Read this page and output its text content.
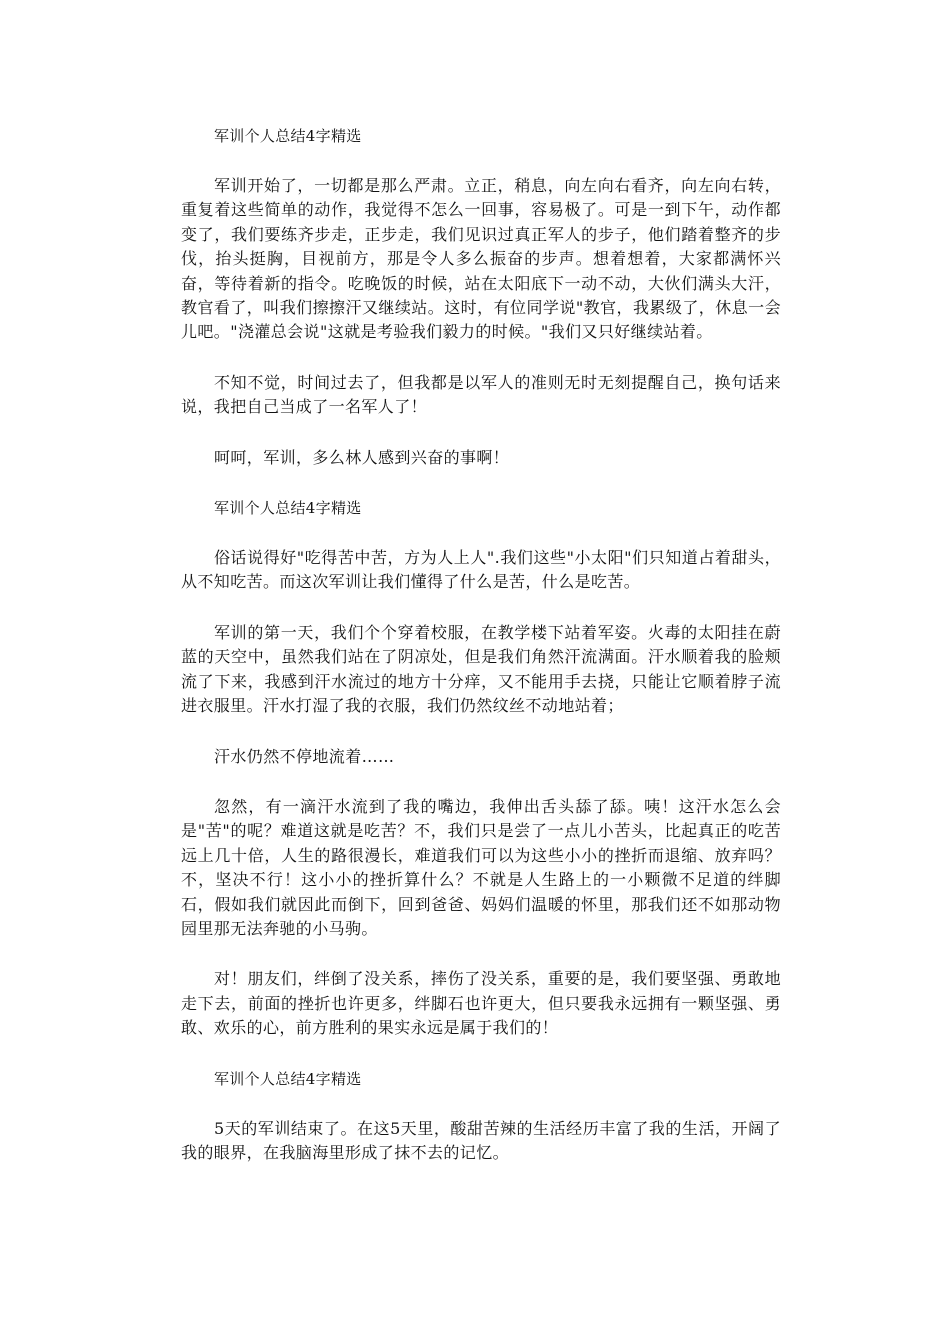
军训个人总结4字精选

军训开始了，一切都是那么严肃。立正，稍息，向左向右看齐，向左向右转，重复着这些简单的动作，我觉得不怎么一回事，容易极了。可是一到下午，动作都变了，我们要练齐步走，正步走，我们见识过真正军人的步子，他们踏着整齐的步伐，抬头挺胸，目视前方，那是令人多么振奋的步声。想着想着，大家都满怀兴奋，等待着新的指令。吃晚饭的时候，站在太阳底下一动不动，大伙们满头大汗，教官看了，叫我们擦擦汗又继续站。这时，有位同学说"教官，我累级了，休息一会儿吧。"浇灌总会说"这就是考验我们毅力的时候。"我们又只好继续站着。

不知不觉，时间过去了，但我都是以军人的准则无时无刻提醒自己，换句话来说，我把自己当成了一名军人了！

呵呵，军训，多么林人感到兴奋的事啊！

军训个人总结4字精选

俗话说得好"吃得苦中苦，方为人上人".我们这些"小太阳"们只知道占着甜头，从不知吃苦。而这次军训让我们懂得了什么是苦，什么是吃苦。

军训的第一天，我们个个穿着校服，在教学楼下站着军姿。火毒的太阳挂在蔚蓝的天空中，虽然我们站在了阴凉处，但是我们角然汗流满面。汗水顺着我的脸颊流了下来，我感到汗水流过的地方十分痒，又不能用手去挠，只能让它顺着脖子流进衣服里。汗水打湿了我的衣服，我们仍然纹丝不动地站着；

汗水仍然不停地流着……

忽然，有一滴汗水流到了我的嘴边，我伸出舌头舔了舔。咦！这汗水怎么会是"苦"的呢？难道这就是吃苦？不，我们只是尝了一点儿小苦头，比起真正的吃苦远上几十倍，人生的路很漫长，难道我们可以为这些小小的挫折而退缩、放弃吗？不，坚决不行！这小小的挫折算什么？不就是人生路上的一小颗微不足道的绊脚石，假如我们就因此而倒下，回到爸爸、妈妈们温暖的怀里，那我们还不如那动物园里那无法奔驰的小马驹。

对！朋友们，绊倒了没关系，摔伤了没关系，重要的是，我们要坚强、勇敢地走下去，前面的挫折也许更多，绊脚石也许更大，但只要我永远拥有一颗坚强、勇敢、欢乐的心，前方胜利的果实永远是属于我们的！

军训个人总结4字精选

5天的军训结束了。在这5天里，酸甜苦辣的生活经历丰富了我的生活，开阔了我的眼界，在我脑海里形成了抹不去的记忆。
